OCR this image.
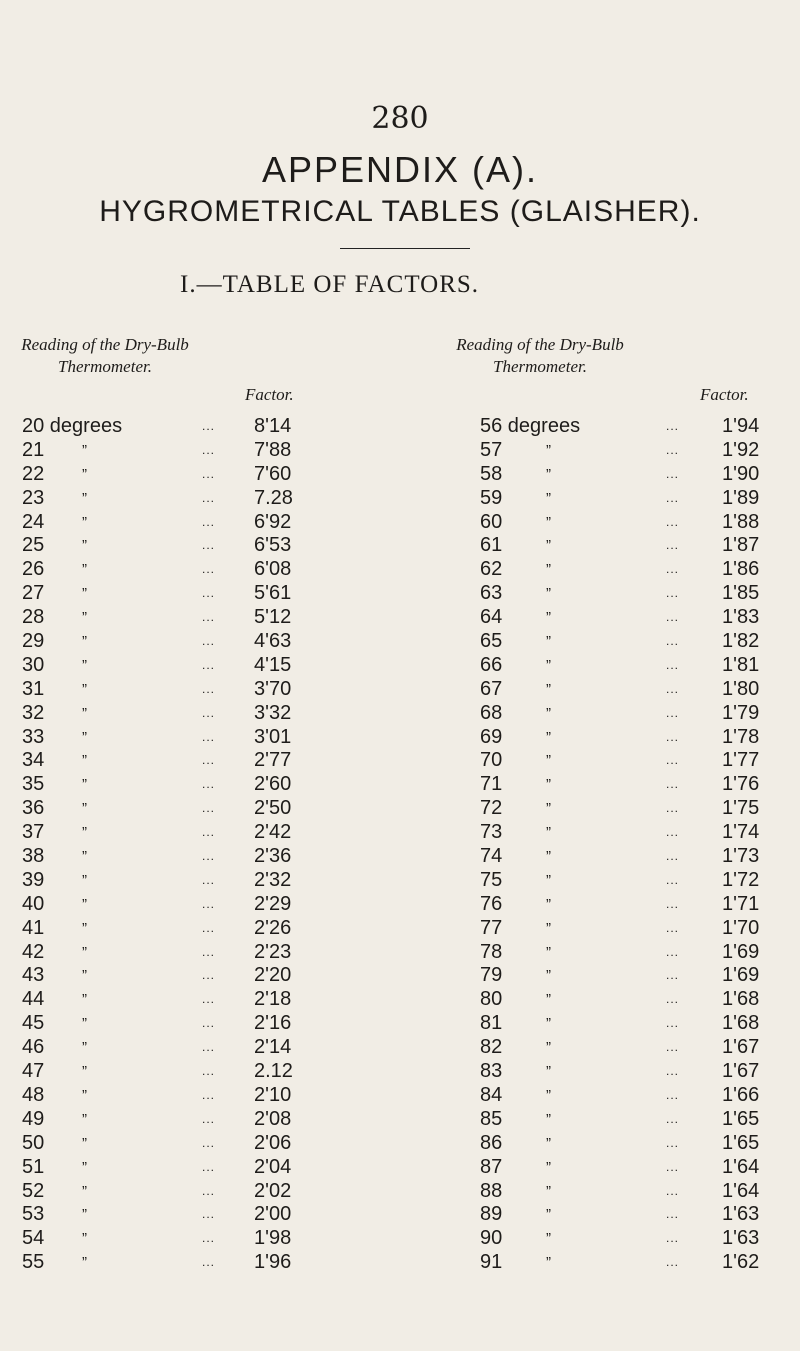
280
APPENDIX (A).
HYGROMETRICAL TABLES (GLAISHER).
I.—TABLE OF FACTORS.
Reading of the Dry-Bulb Thermometer.
Factor.
Reading of the Dry-Bulb Thermometer.
Factor.
20 degrees	... 8'14
21	”	... 7'88
22	”	... 7'60
23	”	... 7.28
24	”	... 6'92
25	”	... 6'53
26	”	... 6'08
27	”	... 5'61
28	”	... 5'12
29	”	... 4'63
30	”	... 4'15
31	”	... 3'70
32	”	... 3'32
33	”	... 3'01
34	”	... 2'77
35	”	... 2'60
36	”	... 2'50
37	”	... 2'42
38	”	... 2'36
39	”	... 2'32
40	”	... 2'29
41	”	... 2'26
42	”	... 2'23
43	”	... 2'20
44	”	... 2'18
45	”	... 2'16
46	”	... 2'14
47	”	... 2.12
48	”	... 2'10
49	”	... 2'08
50	”	... 2'06
51	”	... 2'04
52	”	... 2'02
53	”	... 2'00
54	”	... 1'98
55	”	... 1'96
56 degrees	... 1'94
57	”	... 1'92
58	”	... 1'90
59	”	... 1'89
60	”	... 1'88
61	”	... 1'87
62	”	... 1'86
63	”	... 1'85
64	”	... 1'83
65	”	... 1'82
66	”	... 1'81
67	”	... 1'80
68	”	... 1'79
69	”	... 1'78
70	”	... 1'77
71	”	... 1'76
72	”	... 1'75
73	”	... 1'74
74	”	... 1'73
75	”	... 1'72
76	”	... 1'71
77	”	... 1'70
78	”	... 1'69
79	”	... 1'69
80	”	... 1'68
81	”	... 1'68
82	”	... 1'67
83	”	... 1'67
84	”	... 1'66
85	”	... 1'65
86	”	... 1'65
87	”	... 1'64
88	”	... 1'64
89	”	... 1'63
90	”	... 1'63
91	”	... 1'62
